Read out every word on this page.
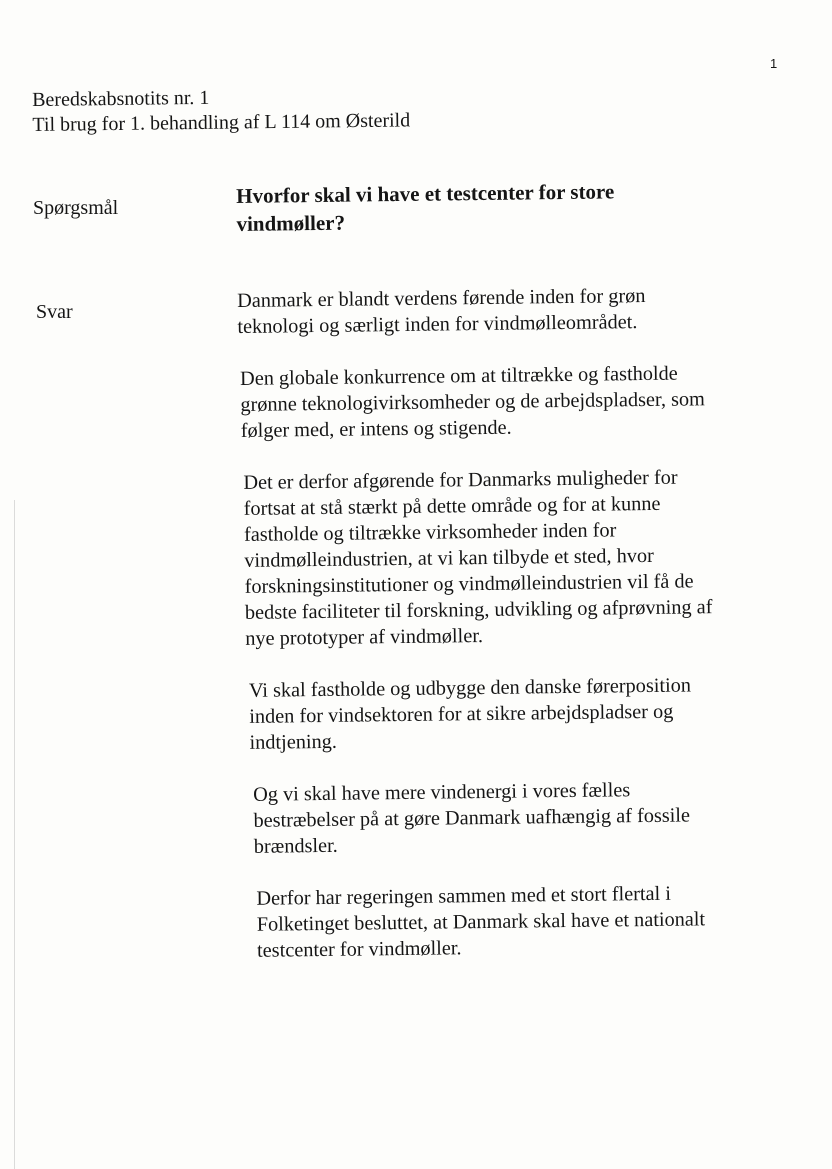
1
Beredskabsnotits nr. 1
Til brug for 1. behandling af L 114 om Østerild
Spørgsmål
Hvorfor skal vi have et testcenter for store vindmøller?
Svar

Danmark er blandt verdens førende inden for grøn teknologi og særligt inden for vindmølleområdet.

Den globale konkurrence om at tiltrække og fastholde grønne teknologivirksomheder og de arbejdspladser, som følger med, er intens og stigende.

Det er derfor afgørende for Danmarks muligheder for fortsat at stå stærkt på dette område og for at kunne fastholde og tiltrække virksomheder inden for vindmølleindustrien, at vi kan tilbyde et sted, hvor forskningsinstitutioner og vindmølleindustrien vil få de bedste faciliteter til forskning, udvikling og afprøvning af nye prototyper af vindmøller.

Vi skal fastholde og udbygge den danske førerposition inden for vindsektoren for at sikre arbejdspladser og indtjening.

Og vi skal have mere vindenergi i vores fælles bestræbelser på at gøre Danmark uafhængig af fossile brændsler.

Derfor har regeringen sammen med et stort flertal i Folketinget besluttet, at Danmark skal have et nationalt testcenter for vindmøller.
